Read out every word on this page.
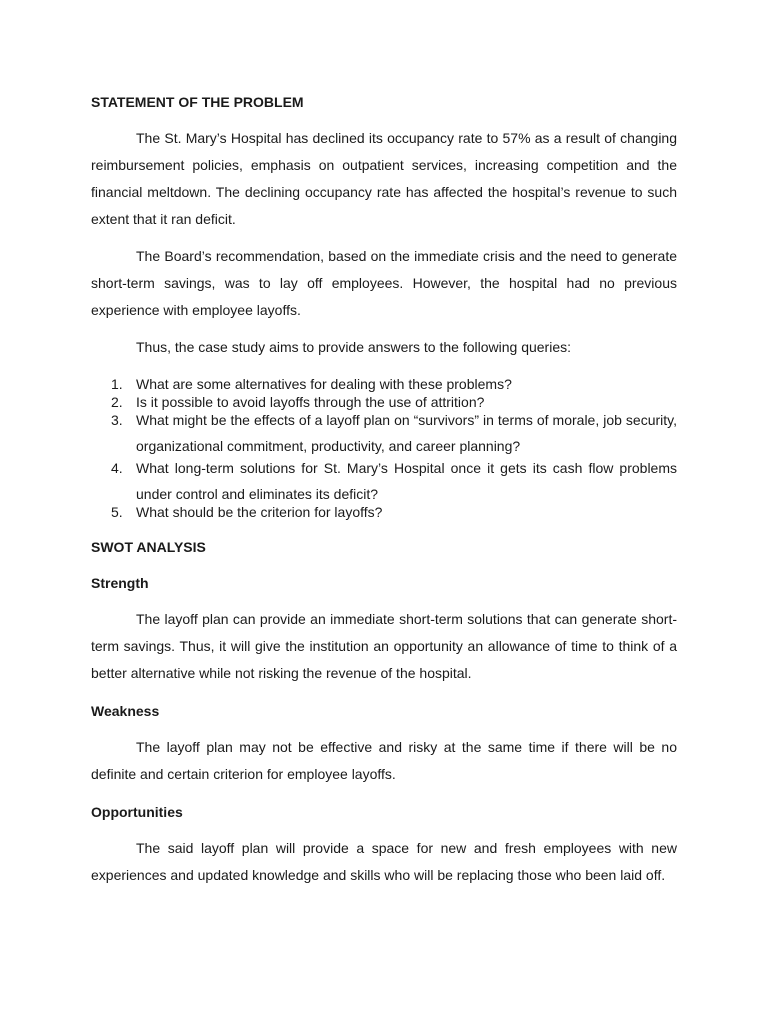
STATEMENT OF THE PROBLEM

The St. Mary’s Hospital has declined its occupancy rate to 57% as a result of changing reimbursement policies, emphasis on outpatient services, increasing competition and the financial meltdown. The declining occupancy rate has affected the hospital’s revenue to such extent that it ran deficit.

The Board’s recommendation, based on the immediate crisis and the need to generate short-term savings, was to lay off employees. However, the hospital had no previous experience with employee layoffs.

Thus, the case study aims to provide answers to the following queries:

1. What are some alternatives for dealing with these problems?
2. Is it possible to avoid layoffs through the use of attrition?
3. What might be the effects of a layoff plan on “survivors” in terms of morale, job security, organizational commitment, productivity, and career planning?
4. What long-term solutions for St. Mary’s Hospital once it gets its cash flow problems under control and eliminates its deficit?
5. What should be the criterion for layoffs?
SWOT ANALYSIS
Strength

The layoff plan can provide an immediate short-term solutions that can generate short-term savings. Thus, it will give the institution an opportunity an allowance of time to think of a better alternative while not risking the revenue of the hospital.

Weakness

The layoff plan may not be effective and risky at the same time if there will be no definite and certain criterion for employee layoffs.

Opportunities

The said layoff plan will provide a space for new and fresh employees with new experiences and updated knowledge and skills who will be replacing those who been laid off.
